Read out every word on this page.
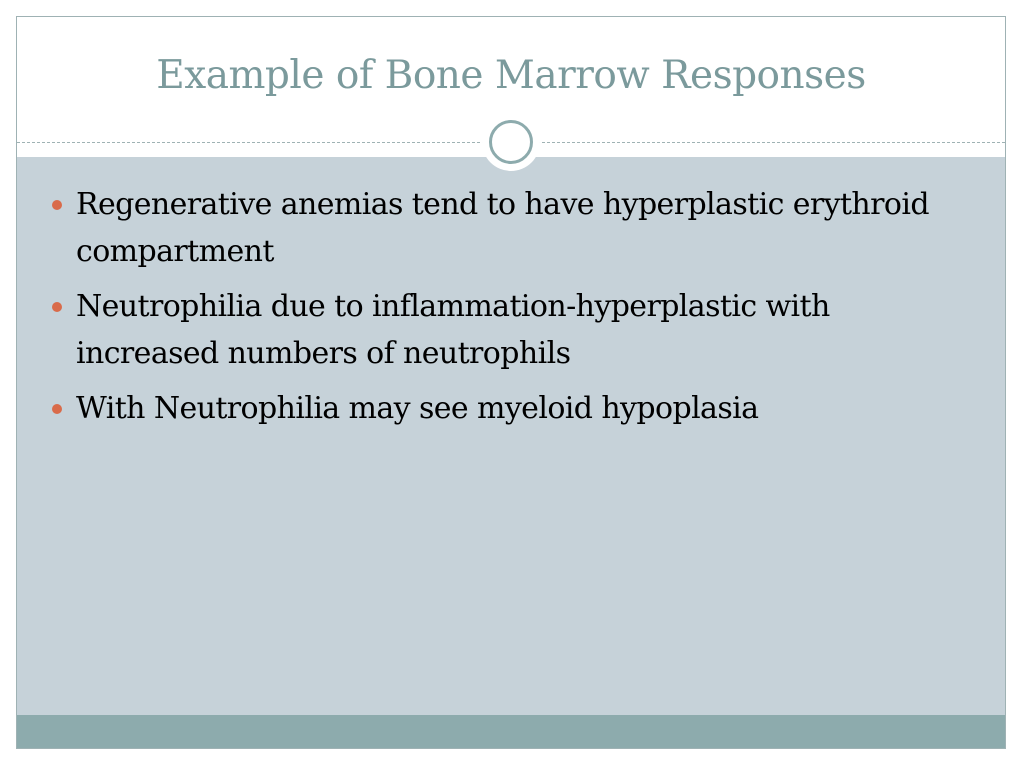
Example of Bone Marrow Responses
Regenerative anemias tend to have hyperplastic erythroid compartment
Neutrophilia due to inflammation-hyperplastic with increased numbers of neutrophils
With Neutrophilia may see myeloid hypoplasia
